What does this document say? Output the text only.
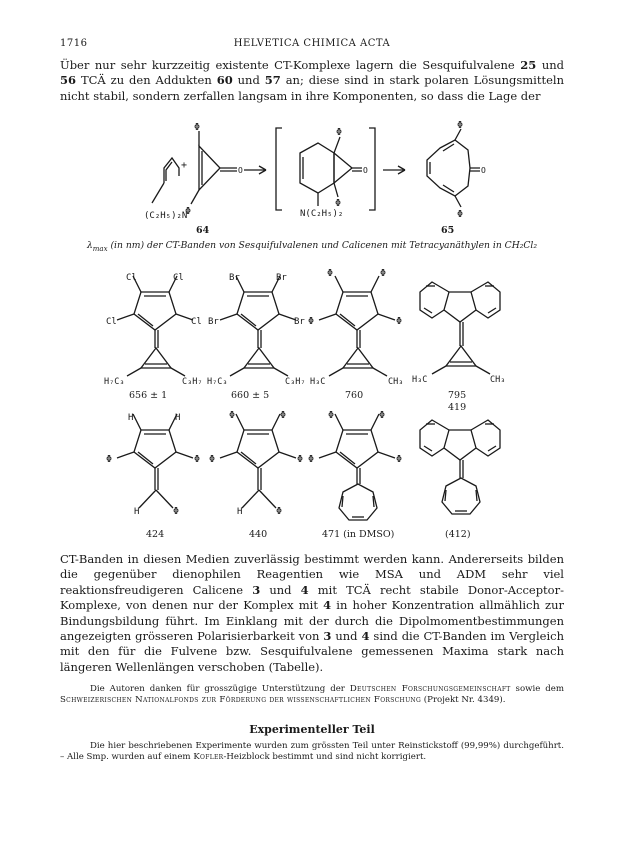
1716	HELVETICA CHIMICA ACTA

Über nur sehr kurzzeitig existente CT-Komplexe lagern die Sesquifulvalene 25 und 56 TCÄ zu den Addukten 60 und 57 an; diese sind in stark polaren Lösungsmitteln nicht stabil, sondern zerfallen langsam in ihre Komponenten, so dass die Lage der

+
(C₂H₅)₂N
Φ
Φ
O
Φ
Φ
O
N(C₂H₅)₂
Φ
Φ
O
64	65
Cl	Cl
Cl	Cl
H₇C₃	C₃H₇
656 ± 1
Br	Br
Br	Br
H₇C₃	C₃H₇
660 ± 5
Φ	Φ
Φ	Φ
H₃C	CH₃
760
H₃C	CH₃
795
419
H	H
Φ	Φ
H	Φ
424
Φ	Φ
Φ	Φ
H	Φ
440
Φ	Φ
Φ	Φ
471 (in DMSO)	(412)
$\lambda_{max}$ (in nm) der CT-Banden von Sesquifulvalenen und Calicenen mit Tetracyanäthylen in CH₂Cl₂

CT-Banden in diesen Medien zuverlässig bestimmt werden kann. Andererseits bilden die gegenüber dienophilen Reagentien wie MSA und ADM sehr viel reaktionsfreudigeren Calicene 3 und 4 mit TCÄ recht stabile Donor-Acceptor-Komplexe, von denen nur der Komplex mit 4 in hoher Konzentration allmählich zur Bindungsbildung führt. Im Einklang mit der durch die Dipolmomentbestimmungen angezeigten grösseren Polarisierbarkeit von 3 und 4 sind die CT-Banden im Vergleich mit den für die Fulvene bzw. Sesquifulvalene gemessenen Maxima stark nach längeren Wellenlängen verschoben (Tabelle).

Die Autoren danken für grosszügige Unterstützung der Deutschen Forschungsgemeinschaft sowie dem Schweizerischen Nationalfonds zur Förderung der wissenschaftlichen Forschung (Projekt Nr. 4349).

Experimenteller Teil

Die hier beschriebenen Experimente wurden zum grössten Teil unter Reinstickstoff (99,99%) durchgeführt. – Alle Smp. wurden auf einem Kofler-Heizblock bestimmt und sind nicht korrigiert.
